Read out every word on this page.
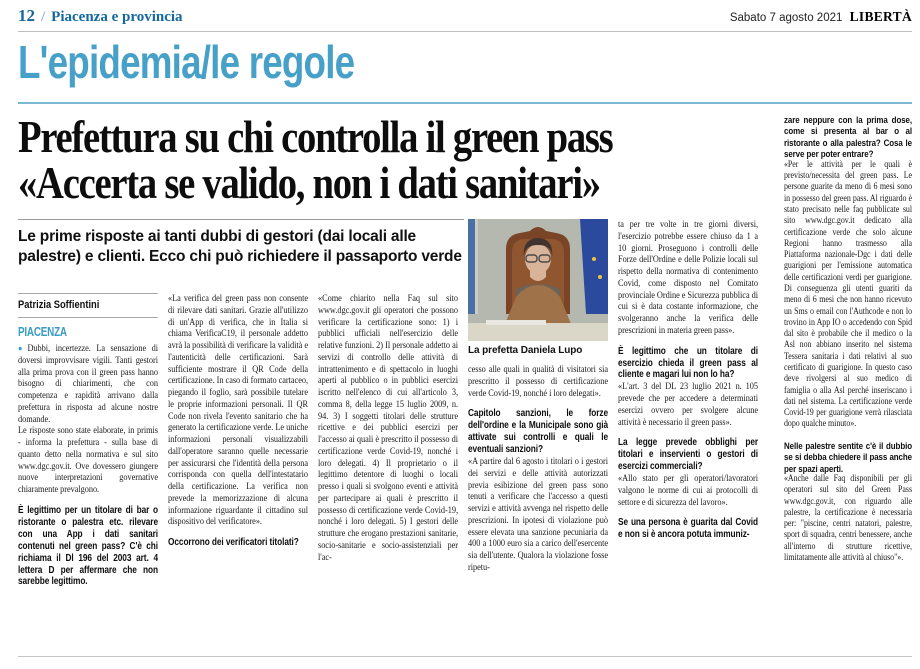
12 / Piacenza e provincia	Sabato 7 agosto 2021 LIBERTÀ
L'epidemia/le regole
Prefettura su chi controlla il green pass
«Accerta se valido, non i dati sanitari»
Le prime risposte ai tanti dubbi di gestori (dai locali alle palestre) e clienti. Ecco chi può richiedere il passaporto verde
Patrizia Soffientini
PIACENZA

● Dubbi, incertezze. La sensazione di doversi improvvisare vigili. Tanti gestori alla prima prova con il green pass hanno bisogno di chiarimenti, che con competenza e rapidità arrivano dalla prefettura in risposta ad alcune nostre domande.

Le risposte sono state elaborate, in primis - informa la prefettura - sulla base di quanto detto nella normativa e sul sito www.dgc.gov.it. Ove dovessero giungere nuove interpretazioni governative chiaramente prevalgono.

È legittimo per un titolare di bar o ristorante o palestra etc. rilevare con una App i dati sanitari contenuti nel green pass? C'è chi richiama il Dl 196 del 2003 art. 4 lettera D per affermare che non sarebbe legittimo.

«La verifica del green pass non consente di rilevare dati sanitari. Grazie all'utilizzo di un'App di verifica, che in Italia si chiama VerificaC19, il personale addetto avrà la possibilità di verificare la validità e l'autenticità delle certificazioni. Sarà sufficiente mostrare il QR Code della certificazione. In caso di formato cartaceo, piegando il foglio, sarà possibile tutelare le proprie informazioni personali. Il QR Code non rivela l'evento sanitario che ha generato la certificazione verde. Le uniche informazioni personali visualizzabili dall'operatore saranno quelle necessarie per assicurarsi che l'identità della persona corrisponda con quella dell'intestatario della certificazione. La verifica non prevede la memorizzazione di alcuna informazione riguardante il cittadino sul dispositivo del verificatore».

Occorrono dei verificatori titolati?

«Come chiarito nella Faq sul sito www.dgc.gov.it gli operatori che possono verificare la certificazione sono: 1) i pubblici ufficiali nell'esercizio delle relative funzioni. 2) Il personale addetto ai servizi di controllo delle attività di intrattenimento e di spettacolo in luoghi aperti al pubblico o in pubblici esercizi iscritto nell'elenco di cui all'articolo 3, comma 8, della legge 15 luglio 2009, n. 94. 3) I soggetti titolari delle strutture ricettive e dei pubblici esercizi per l'accesso ai quali è prescritto il possesso di certificazione verde Covid-19, nonché i loro delegati. 4) Il proprietario o il legittimo detentore di luoghi o locali presso i quali si svolgono eventi e attività per partecipare ai quali è prescritto il possesso di certificazione verde Covid-19, nonché i loro delegati. 5) I gestori delle strutture che erogano prestazioni sanitarie, socio-sanitarie e socio-assistenziali per l'ac-

La prefetta Daniela Lupo

cesso alle quali in qualità di visitatori sia prescritto il possesso di certificazione verde Covid-19, nonché i loro delegati».

Capitolo sanzioni, le forze dell'ordine e la Municipale sono già attivate sui controlli e quali le eventuali sanzioni?

«A partire dal 6 agosto i titolari o i gestori dei servizi e delle attività autorizzati previa esibizione del green pass sono tenuti a verificare che l'accesso a questi servizi e attività avvenga nel rispetto delle prescrizioni. In ipotesi di violazione può essere elevata una sanzione pecuniaria da 400 a 1000 euro sia a carico dell'esercente sia dell'utente. Qualora la violazione fosse ripetu-

ta per tre volte in tre giorni diversi, l'esercizio potrebbe essere chiuso da 1 a 10 giorni. Proseguono i controlli delle Forze dell'Ordine e delle Polizie locali sul rispetto della normativa di contenimento Covid, come disposto nel Comitato provinciale Ordine e Sicurezza pubblica di cui si è data costante informazione, che svolgeranno anche la verifica delle prescrizioni in materia green pass».

È legittimo che un titolare di esercizio chieda il green pass al cliente e magari lui non lo ha?

«L'art. 3 del DL 23 luglio 2021 n. 105 prevede che per accedere a determinati esercizi ovvero per svolgere alcune attività è necessario il green pass».

La legge prevede obblighi per titolari e inservienti o gestori di esercizi commerciali?

«Allo stato per gli operatori/lavoratori valgono le norme di cui ai protocolli di settore e di sicurezza del lavoro».

Se una persona è guarita dal Covid e non si è ancora potuta immuniz-

zare neppure con la prima dose, come si presenta al bar o al ristorante o alla palestra? Cosa le serve per poter entrare?

«Per le attività per le quali è previsto/necessita del green pass. Le persone guarite da meno di 6 mesi sono in possesso del green pass. Al riguardo è stato precisato nelle faq pubblicate sul sito www.dgc.gov.it dedicato alla certificazione verde che solo alcune Regioni hanno trasmesso alla Piattaforma nazionale-Dgc i dati delle guarigioni per l'emissione automatica delle certificazioni verdi per guarigione. Di conseguenza gli utenti guariti da meno di 6 mesi che non hanno ricevuto un Sms o email con l'Authcode e non lo trovino in App IO o accedendo con Spid dal sito è probabile che il medico o la Asl non abbiano inserito nel sistema Tessera sanitaria i dati relativi al suo certificato di guarigione. In questo caso deve rivolgersi al suo medico di famiglia o alla Asl perché inseriscano i dati nel sistema. La certificazione verde Covid-19 per guarigione verrà rilasciata dopo qualche minuto».

Nelle palestre sentite c'è il dubbio se si debba chiedere il pass anche per spazi aperti.

«Anche dalle Faq disponibili per gli operatori sul sito del Green Pass www.dgc.gov.it, con riguardo alle palestre, la certificazione è necessaria per: "piscine, centri natatori, palestre, sport di squadra, centri benessere, anche all'interno di strutture ricettive, limitatamente alle attività al chiuso"».
